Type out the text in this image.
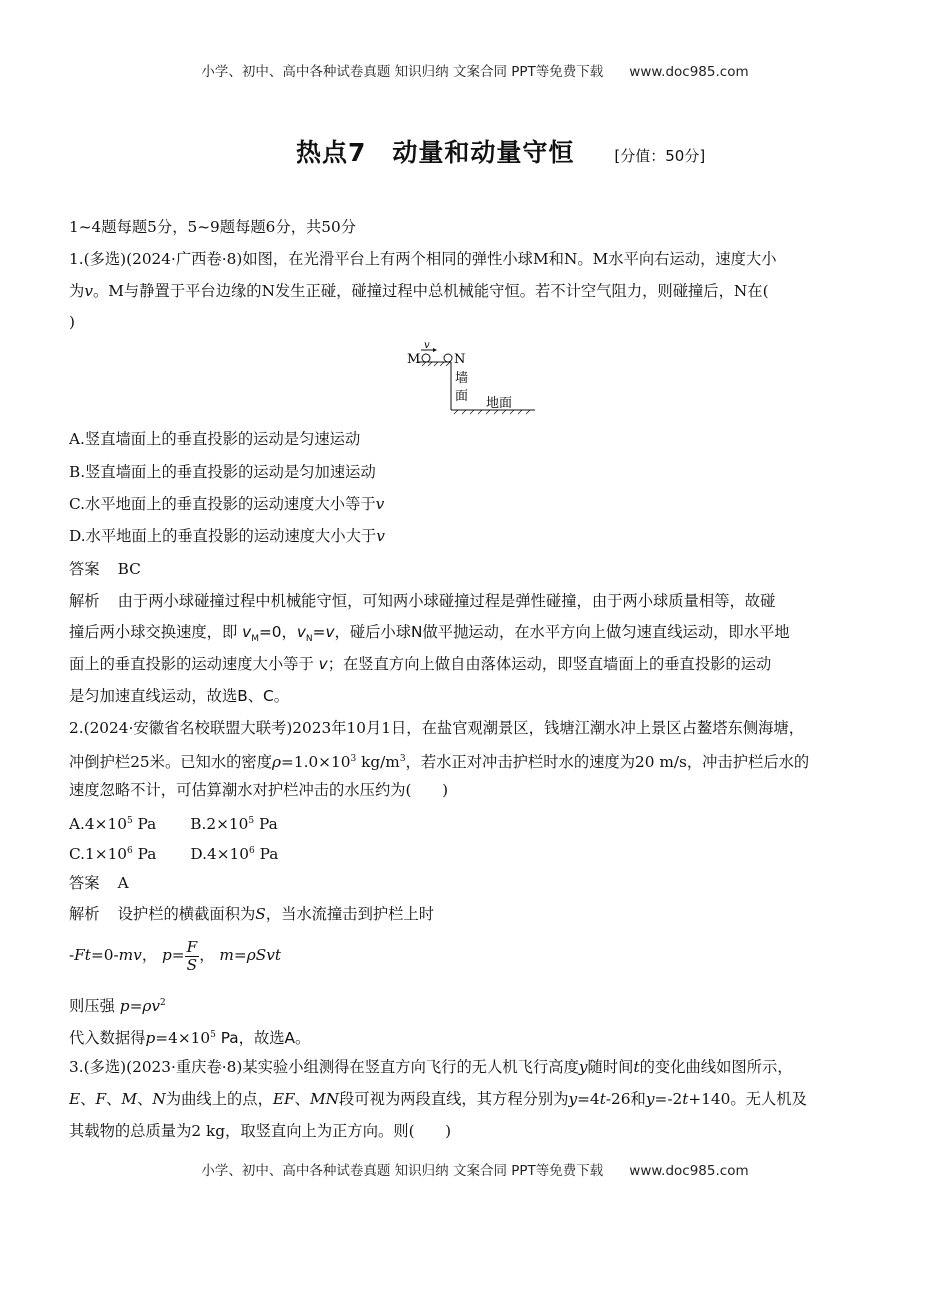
小学、初中、高中各种试卷真题 知识归纳 文案合同 PPT等免费下载 www.doc985.com
热点7　动量和动量守恒	[分值：50分]
1~4题每题5分，5~9题每题6分，共50分
1.(多选)(2024·广西卷·8)如图，在光滑平台上有两个相同的弹性小球M和N。M水平向右运动，速度大小
为v。M与静置于平台边缘的N发生正碰，碰撞过程中总机械能守恒。若不计空气阻力，则碰撞后，N在(
)
v
M	N
墙
面 地面
A.竖直墙面上的垂直投影的运动是匀速运动
B.竖直墙面上的垂直投影的运动是匀加速运动
C.水平地面上的垂直投影的运动速度大小等于v
D.水平地面上的垂直投影的运动速度大小大于v
答案 BC
解析 由于两小球碰撞过程中机械能守恒，可知两小球碰撞过程是弹性碰撞，由于两小球质量相等，故碰
撞后两小球交换速度，即 $v_M=0$，$v_N=v$，碰后小球N做平抛运动，在水平方向上做匀速直线运动，即水平地
面上的垂直投影的运动速度大小等于 v；在竖直方向上做自由落体运动，即竖直墙面上的垂直投影的运动
是匀加速直线运动，故选B、C。
2.(2024·安徽省名校联盟大联考)2023年10月1日，在盐官观潮景区，钱塘江潮水冲上景区占鳌塔东侧海塘，
冲倒护栏25米。已知水的密度$\rho=1.0\times 10^3$ $kg/m^3$，若水正对冲击护栏时水的速度为20 m/s，冲击护栏后水的
速度忽略不计，可估算潮水对护栏冲击的水压约为(　　)
$A.4\times 10^5$ Pa $B.2\times 10^5$ Pa
$C.1\times 10^6$ Pa $D.4\times 10^6$ Pa
答案 A
解析 设护栏的横截面积为S，当水流撞击到护栏上时
-Ft=0-mv， $p= \frac{F}{S}$ ， m=ρSvt
则压强 $p=\rho v^2$
代入数据得$p=4\times 10^5$ Pa，故选A。
3.(多选)(2023·重庆卷·8)某实验小组测得在竖直方向飞行的无人机飞行高度y随时间t的变化曲线如图所示，
E、F、M、N为曲线上的点，EF、MN段可视为两段直线，其方程分别为y=4t-26和y=-2t+140。无人机及
其载物的总质量为2 kg，取竖直向上为正方向。则(　　)
小学、初中、高中各种试卷真题 知识归纳 文案合同 PPT等免费下载 www.doc985.com
